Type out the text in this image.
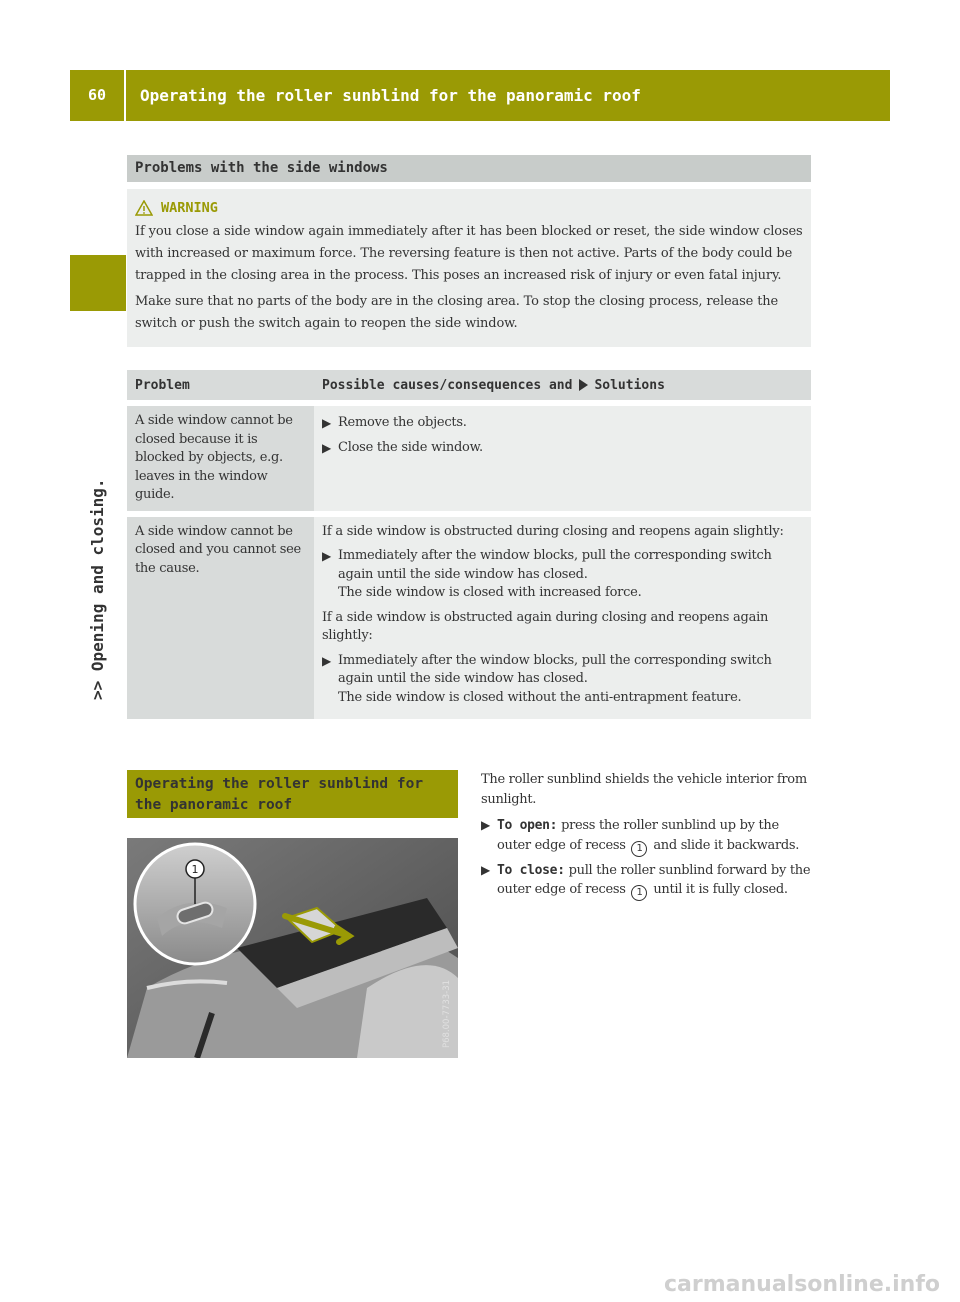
60	Operating the roller sunblind for the panoramic roof
>> Opening and closing.
Problems with the side windows
WARNING

If you close a side window again immediately after it has been blocked or reset, the side window closes with increased or maximum force. The reversing feature is then not active. Parts of the body could be trapped in the closing area in the process. This poses an increased risk of injury or even fatal injury.

Make sure that no parts of the body are in the closing area. To stop the closing process, release the switch or push the switch again to reopen the side window.

Problem	Possible causes/consequences and Solutions
A side window cannot be closed because it is blocked by objects, e.g. leaves in the window guide.
▶ Remove the objects.
▶ Close the side window.
A side window cannot be closed and you cannot see the cause.

If a side window is obstructed during closing and reopens again slightly:

▶ Immediately after the window blocks, pull the corresponding switch again until the side window has closed.
The side window is closed with increased force.

If a side window is obstructed again during closing and reopens again slightly:

▶ Immediately after the window blocks, pull the corresponding switch again until the side window has closed.
The side window is closed without the anti-entrapment feature.
Operating the roller sunblind for the panoramic roof
1
P68.00-7733-31

The roller sunblind shields the vehicle interior from sunlight.

▶ To open: press the roller sunblind up by the outer edge of recess 1 and slide it backwards.
▶ To close: pull the roller sunblind forward by the outer edge of recess 1 until it is fully closed.
carmanualsonline.info
